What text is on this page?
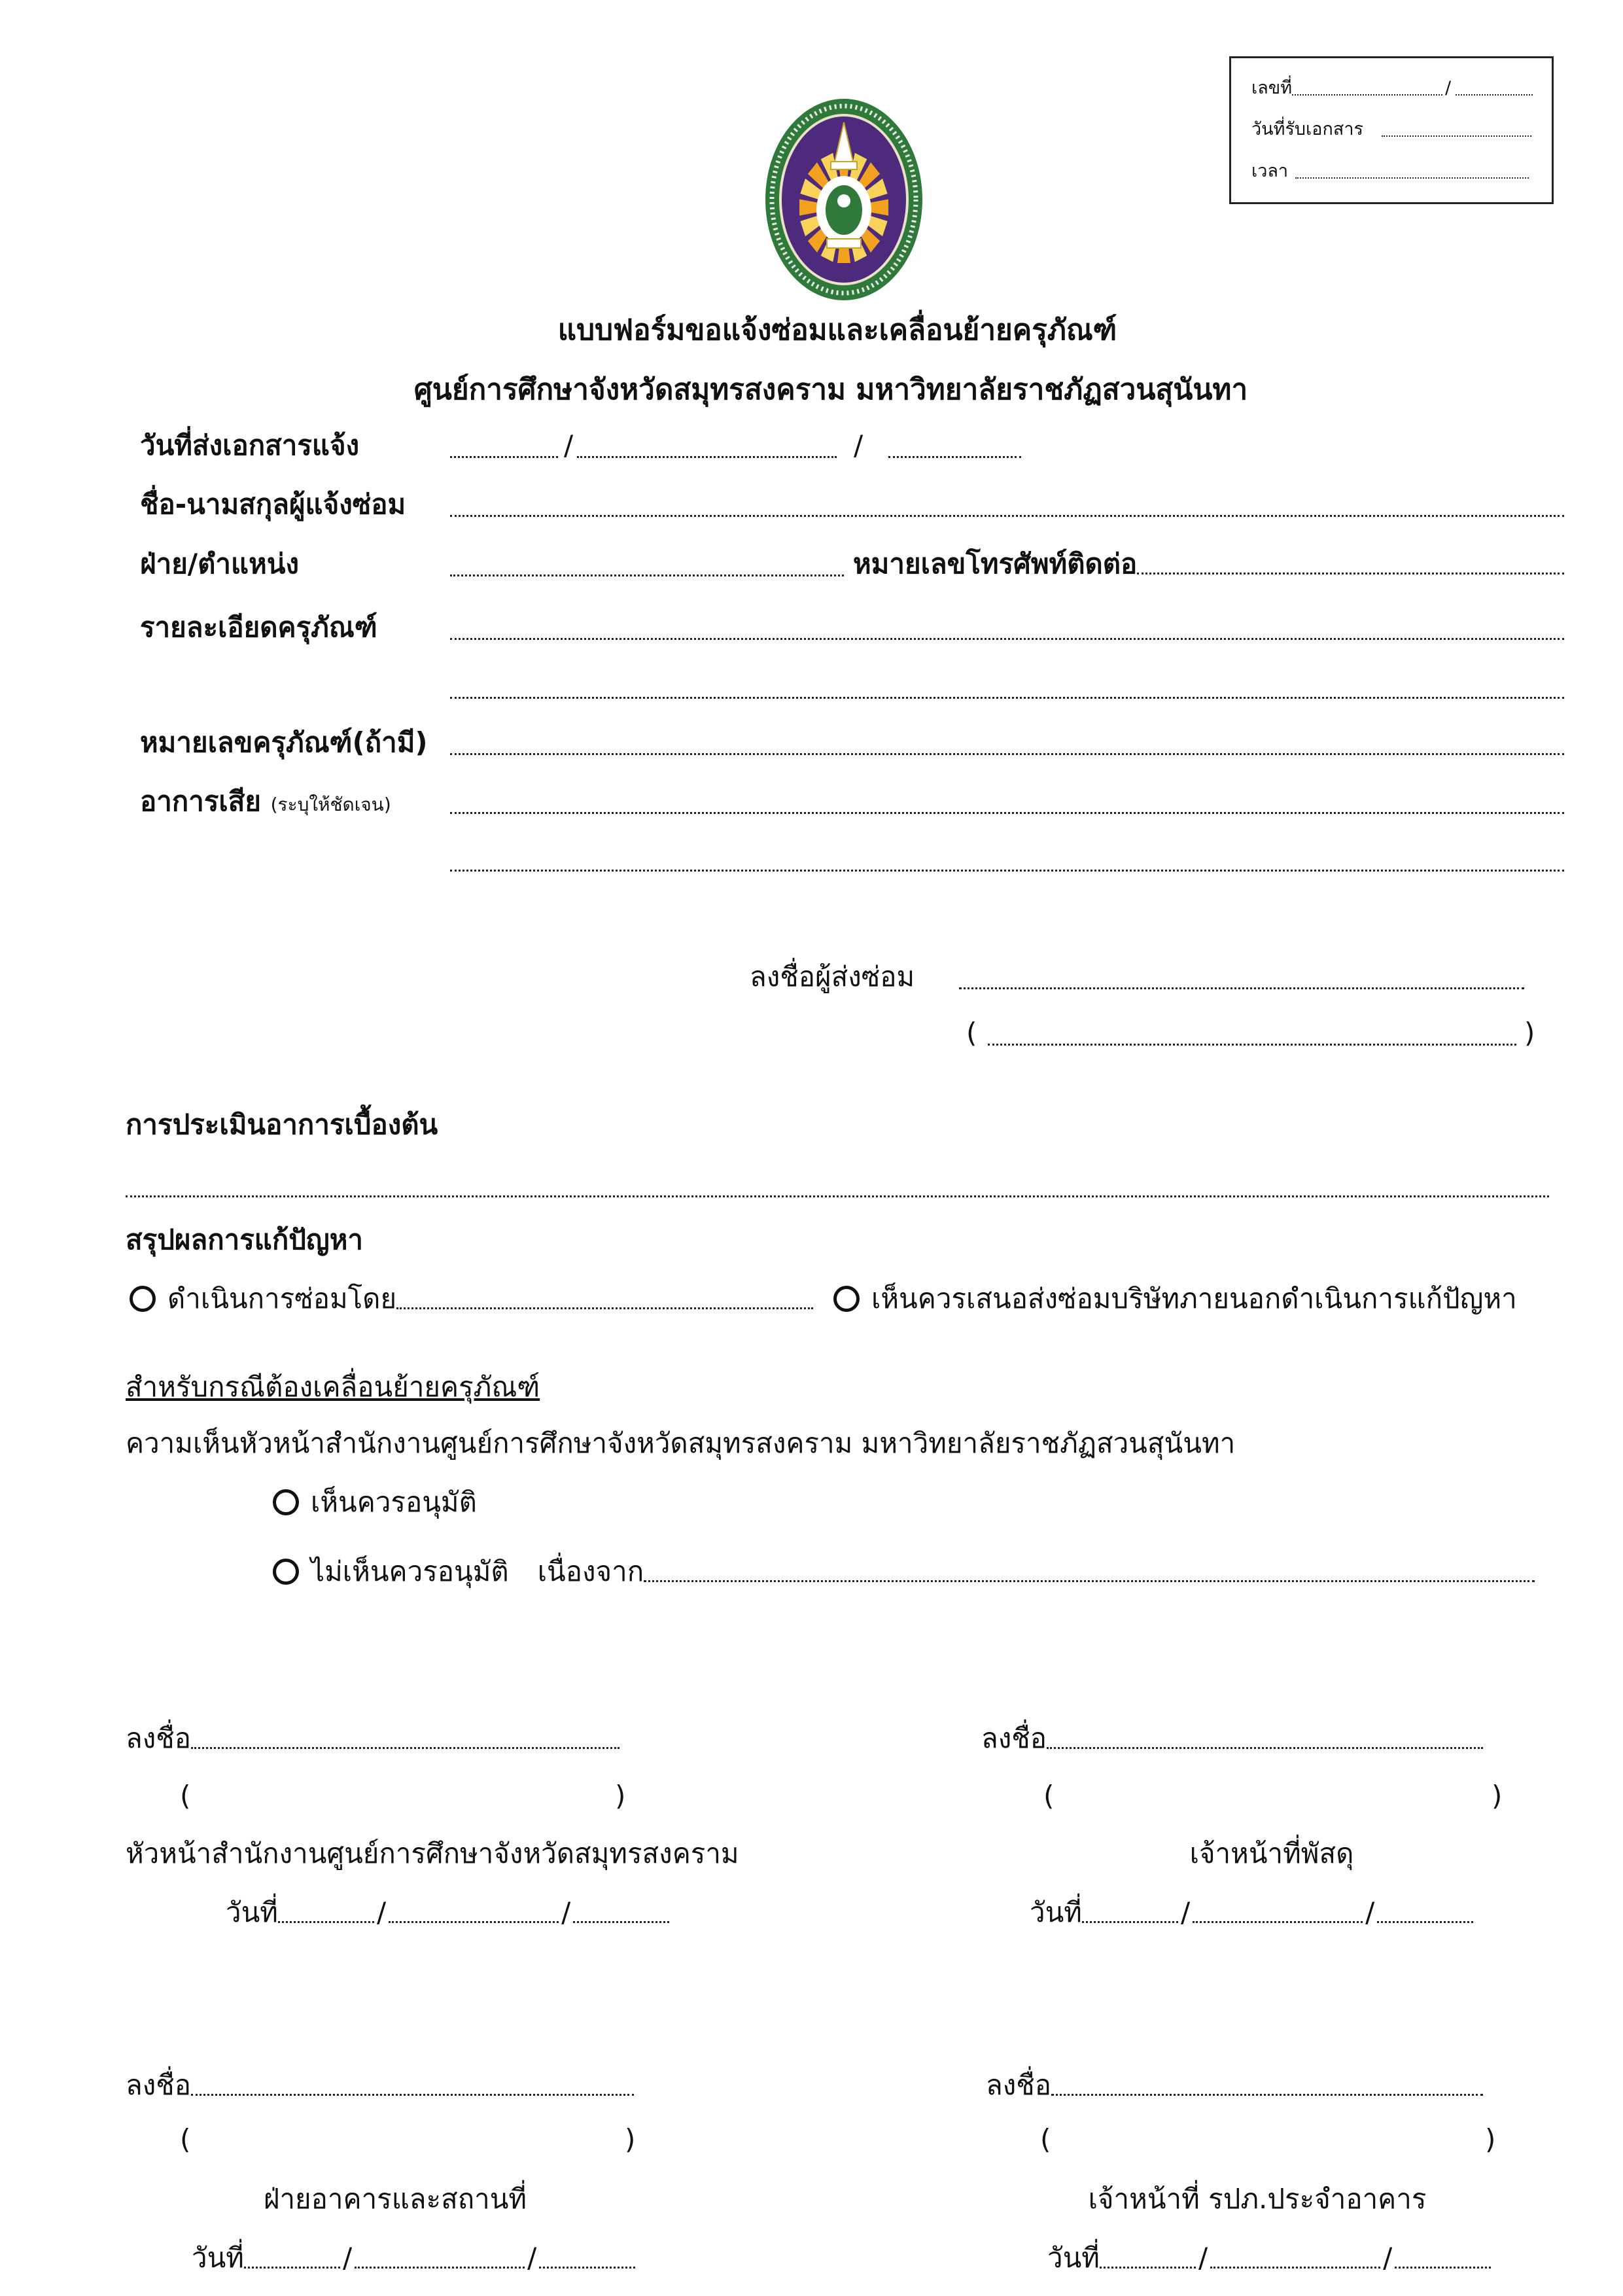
เลขที่	/
วันที่รับเอกสาร
เวลา
แบบฟอร์มขอแจ้งซ่อมและเคลื่อนย้ายครุภัณฑ์
ศูนย์การศึกษาจังหวัดสมุทรสงคราม มหาวิทยาลัยราชภัฏสวนสุนันทา
วันที่ส่งเอกสารแจ้ง	/	/
ชื่อ-นามสกุลผู้แจ้งซ่อม
ฝ่าย/ตำแหน่ง	หมายเลขโทรศัพท์ติดต่อ
รายละเอียดครุภัณฑ์
หมายเลขครุภัณฑ์(ถ้ามี)
อาการเสีย (ระบุให้ชัดเจน)
ลงชื่อผู้ส่งซ่อม
(	)
การประเมินอาการเบื้องต้น
สรุปผลการแก้ปัญหา
ดำเนินการซ่อมโดย	เห็นควรเสนอส่งซ่อมบริษัทภายนอกดำเนินการแก้ปัญหา
สำหรับกรณีต้องเคลื่อนย้ายครุภัณฑ์
ความเห็นหัวหน้าสำนักงานศูนย์การศึกษาจังหวัดสมุทรสงคราม มหาวิทยาลัยราชภัฏสวนสุนันทา
เห็นควรอนุมัติ
ไม่เห็นควรอนุมัติ เนื่องจาก
ลงชื่อ
(	)
หัวหน้าสำนักงานศูนย์การศึกษาจังหวัดสมุทรสงคราม
วันที่	/	/
ลงชื่อ
(	)
เจ้าหน้าที่พัสดุ
วันที่	/	/
ลงชื่อ
(	)
ฝ่ายอาคารและสถานที่
วันที่	/	/
ลงชื่อ
(	)
เจ้าหน้าที่ รปภ.ประจำอาคาร
วันที่	/	/
